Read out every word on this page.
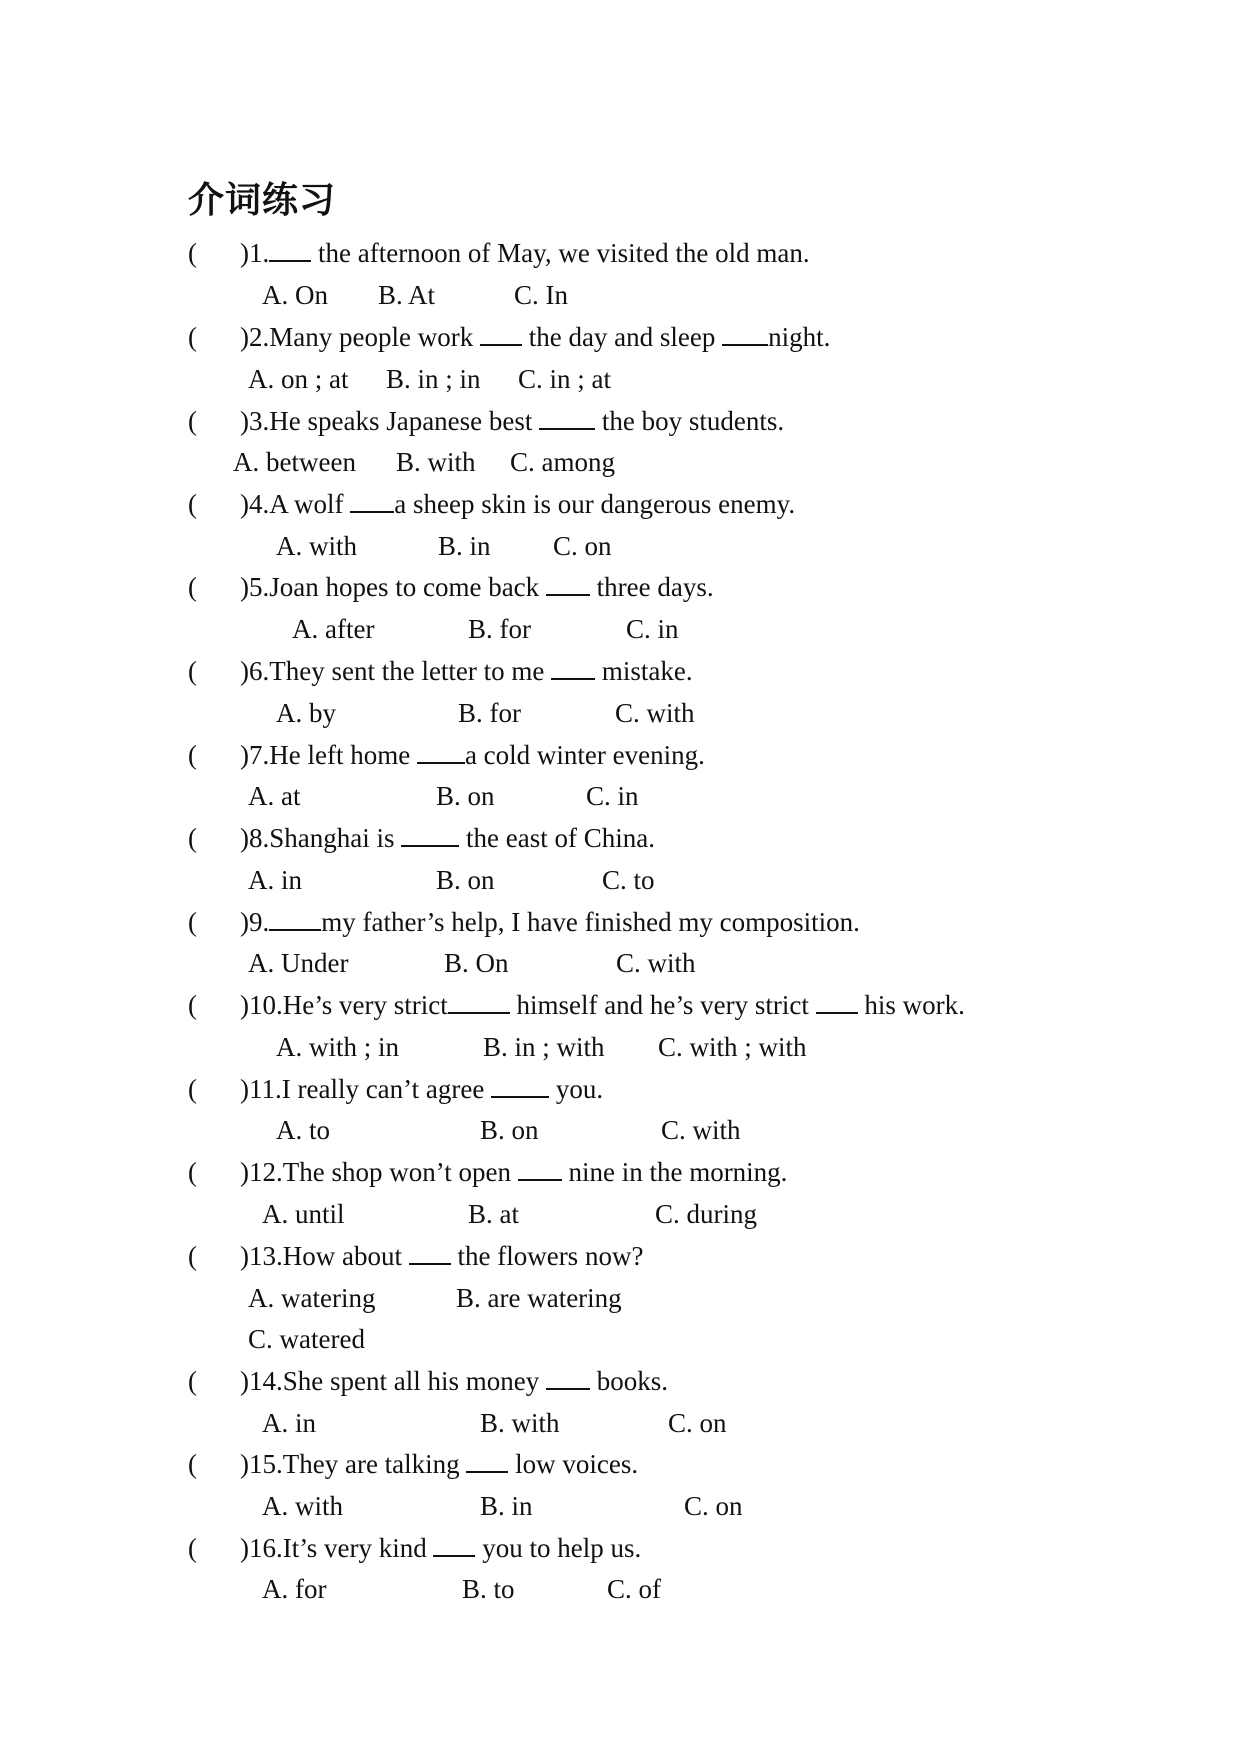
介词练习
( )1. the afternoon of May, we visited the old man.
A. On B. At	C. In
( )2.Many people work  the day and sleep night.
A. on ; at B. in ; in C. in ; at
( )3.He speaks Japanese best  the boy students.
A. between B. with C. among
( )4.A wolf a sheep skin is our dangerous enemy.
A. with	B. in C. on
( )5.Joan hopes to come back  three days.
A. after	B. for	C. in
( )6.They sent the letter to me  mistake.
A. by	B. for	C. with
( )7.He left home a cold winter evening.
A. at	B. on	C. in
( )8.Shanghai is  the east of China.
A. in	B. on	C. to
( )9. my father’s help, I have finished my composition.
A. Under	B. On	C. with
( )10.He’s very strict himself and he’s very strict  his work.
A. with ; in	B. in ; with C. with ; with
( )11.I really can’t agree  you.
A. to	B. on	C. with
( )12.The shop won’t open  nine in the morning.
A. until	B. at	C. during
( )13.How about  the flowers now?
A. watering	B. are watering
C. watered
( )14.She spent all his money  books.
A. in	B. with	C. on
( )15.They are talking  low voices.
A. with	B. in	C. on
( )16.It’s very kind  you to help us.
A. for	B. to	C. of
